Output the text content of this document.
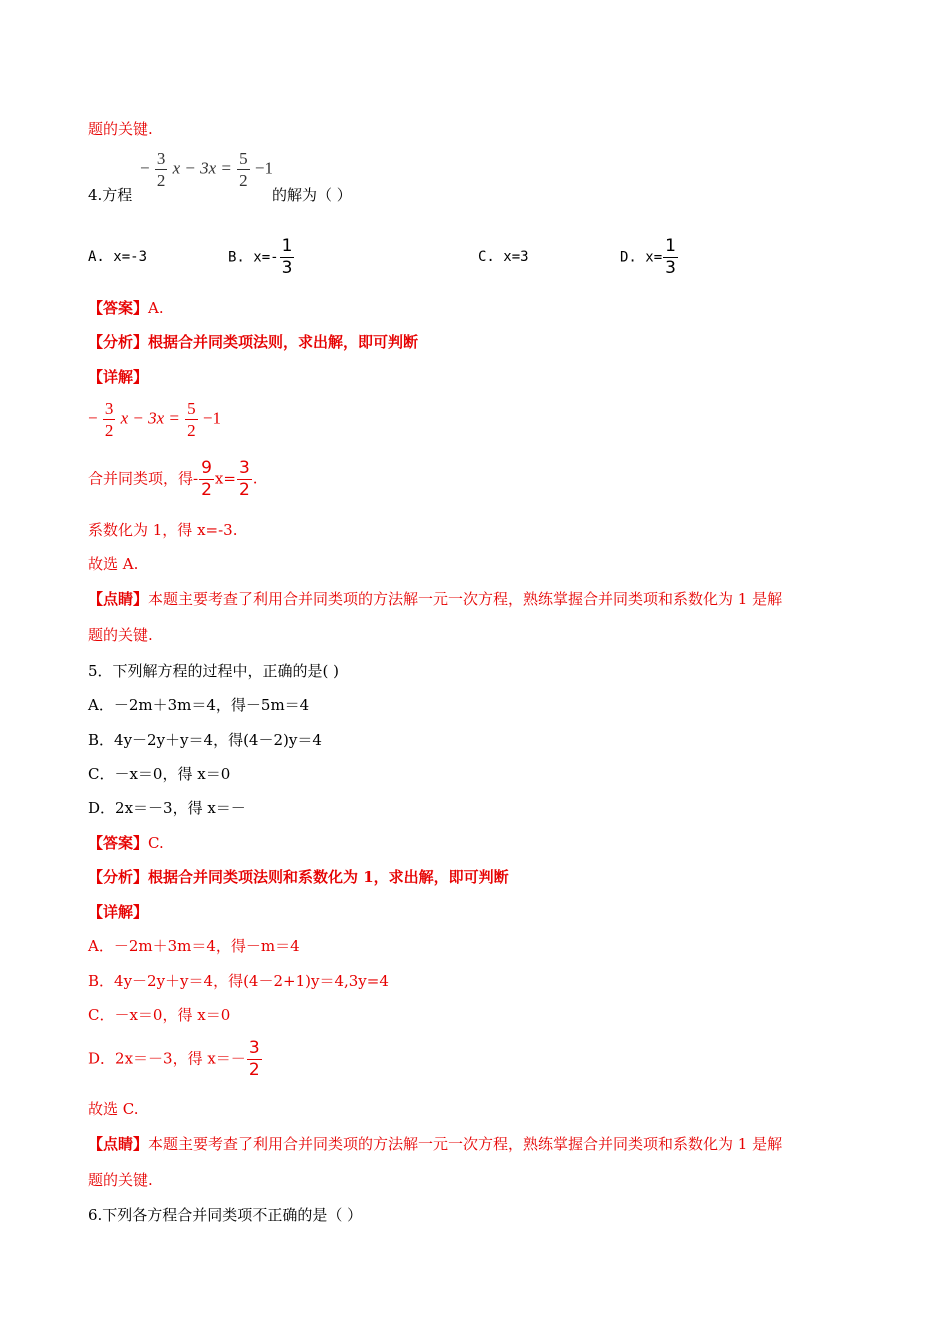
题的关键.
− $\frac{3}{2}$ $x - 3x = \frac{5}{2} -1$
4.方程	的解为（ ）
A. x=-3	B. $x=- \frac{1}{3}$	C. x=3	D. $x= \frac{1}{3}$
【答案】A.
【分析】根据合并同类项法则，求出解，即可判断
【详解】
− $\frac{3}{2}$ $x - 3x = \frac{5}{2} -1$
合并同类项，得- $\frac{9}{2} x= \frac{3}{2}$ .
系数化为 1，得 x=-3.
故选 A.
【点睛】本题主要考查了利用合并同类项的方法解一元一次方程，熟练掌握合并同类项和系数化为 1 是解
题的关键.
5．下列解方程的过程中，正确的是( )
A．－2m＋3m＝4，得－5m＝4
B．4y－2y＋y＝4，得(4－2)y＝4
C．－x＝0，得 x＝0
D．2x＝－3，得 x＝－
【答案】C.
【分析】根据合并同类项法则和系数化为 1，求出解，即可判断
【详解】
A．－2m＋3m＝4，得－m＝4
B．4y－2y＋y＝4，得(4－2+1)y＝4,3y=4
C．－x＝0，得 x＝0
D．2x＝－3，得 $x=- \frac{3}{2}$
故选 C.
【点睛】本题主要考查了利用合并同类项的方法解一元一次方程，熟练掌握合并同类项和系数化为 1 是解
题的关键.
6.下列各方程合并同类项不正确的是（ ）
